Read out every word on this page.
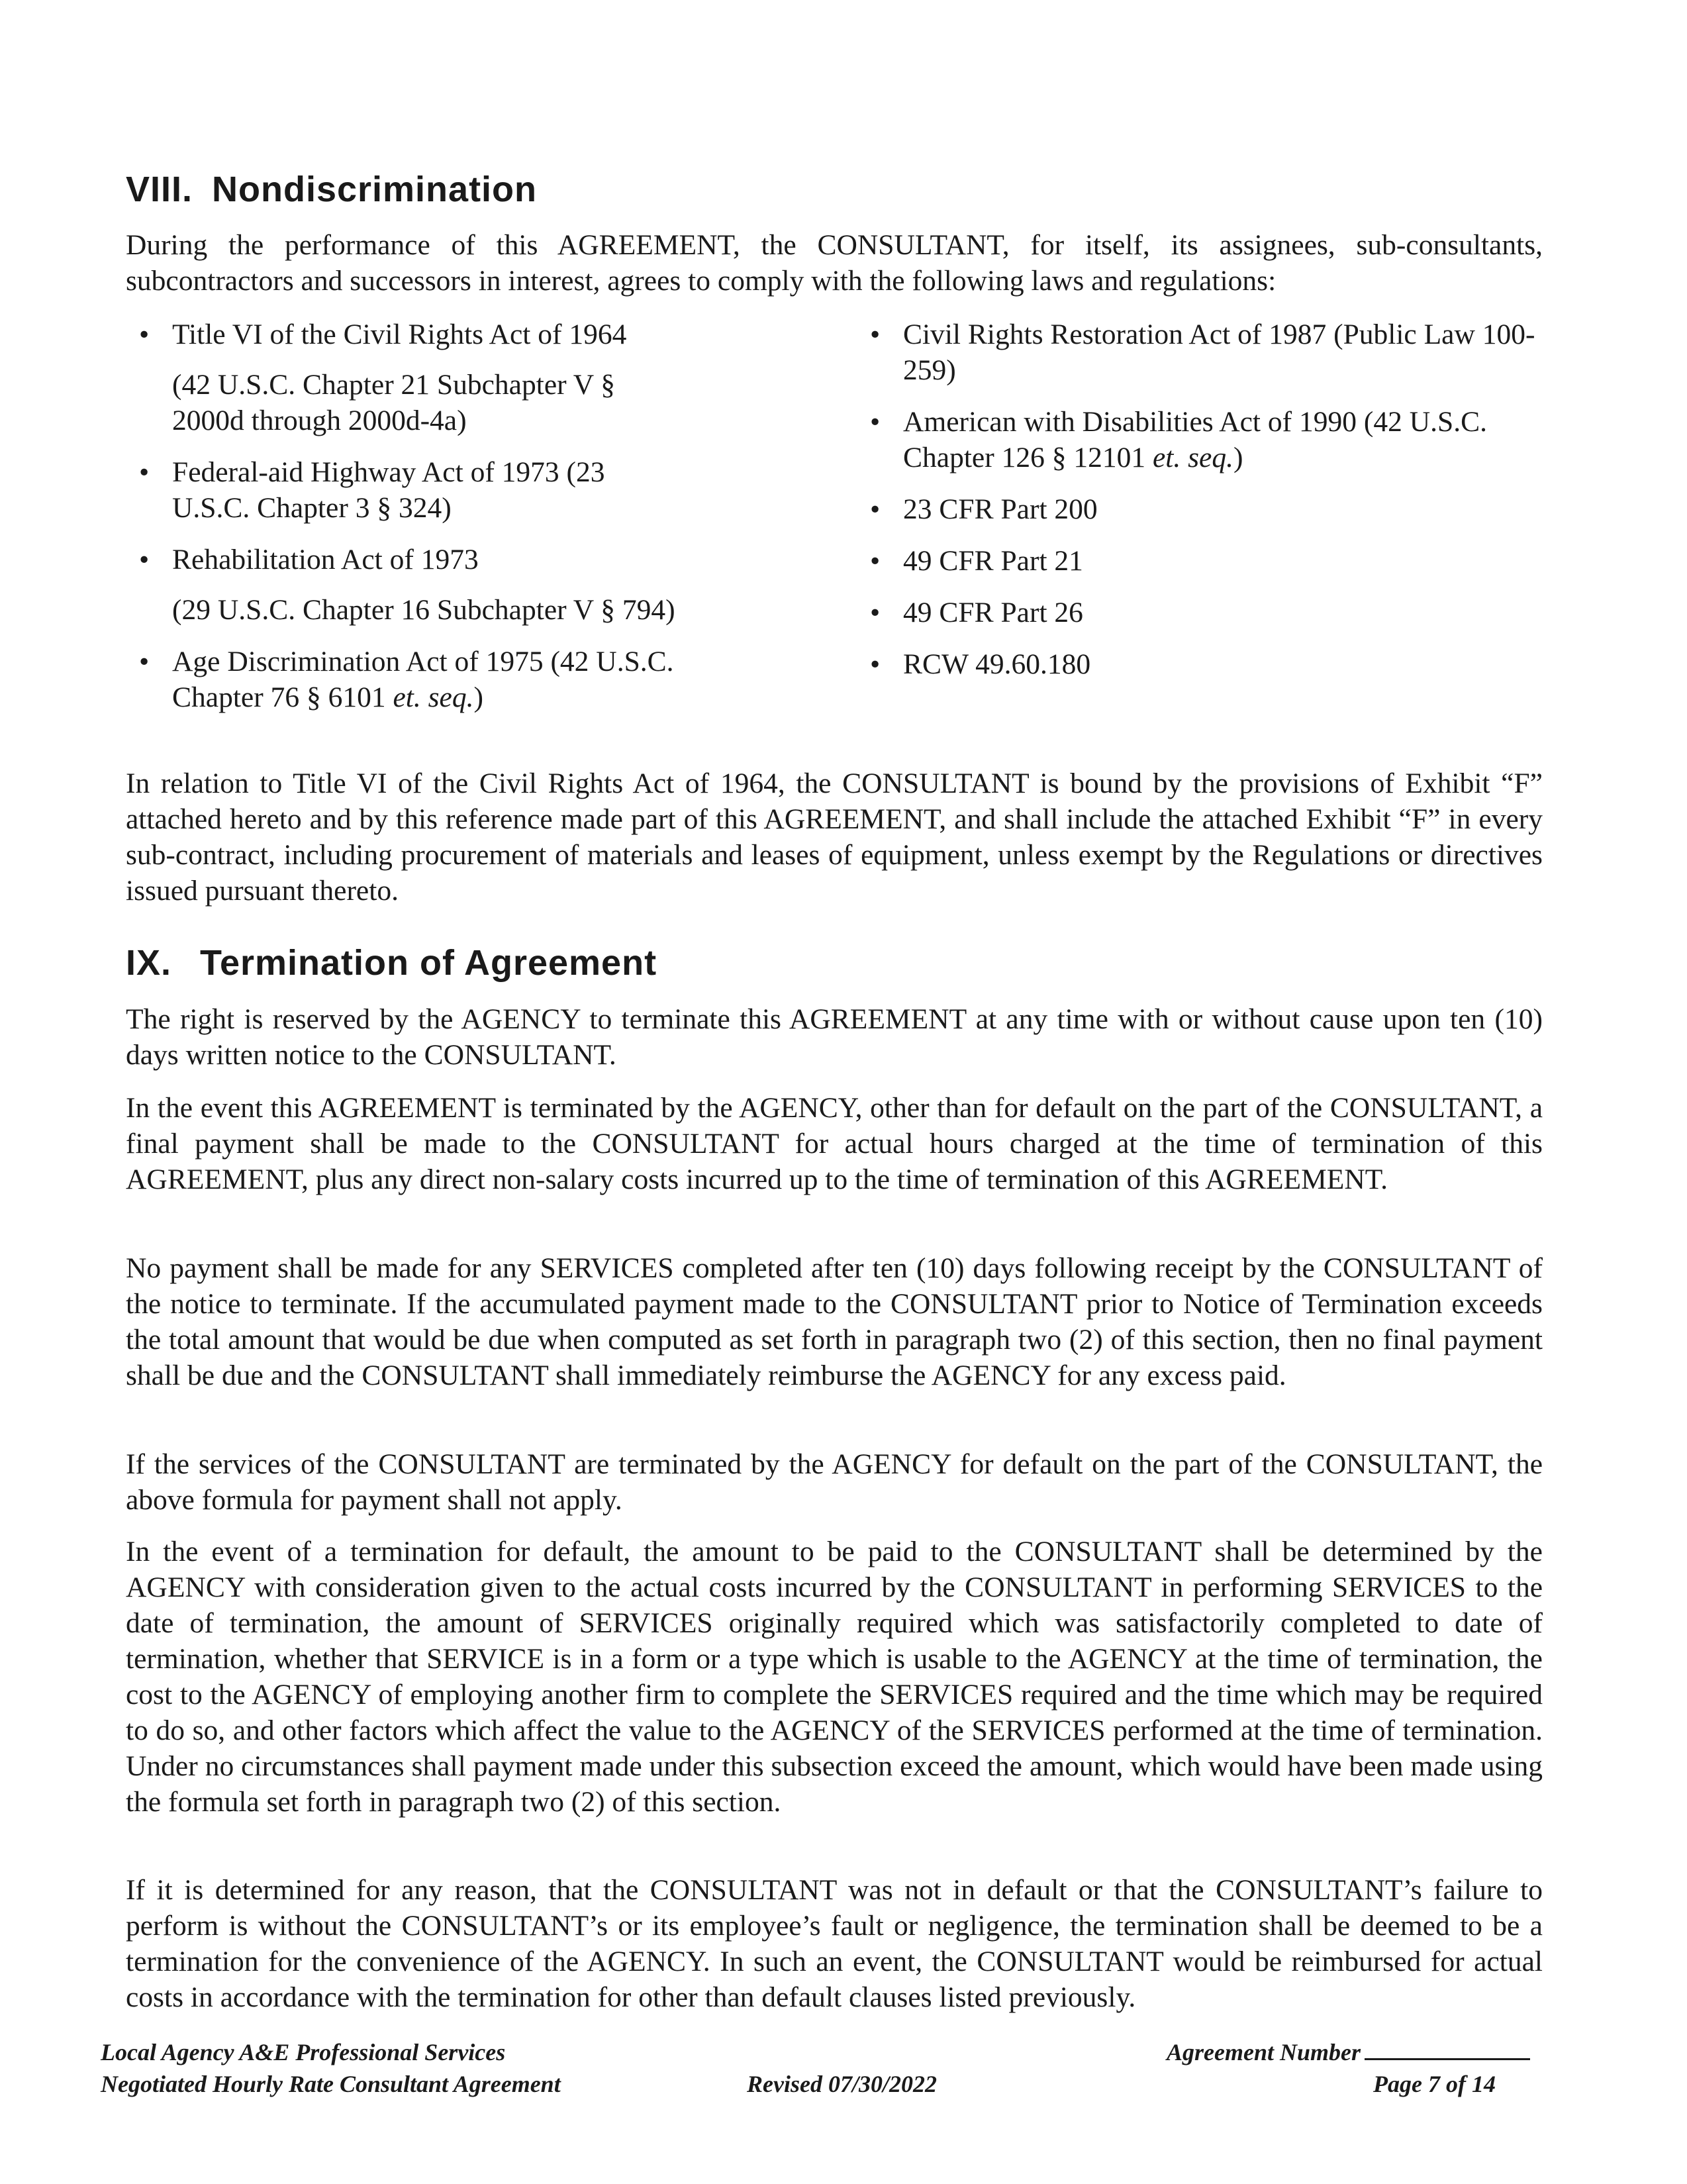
VIII. Nondiscrimination

During the performance of this AGREEMENT, the CONSULTANT, for itself, its assignees, sub-consultants, subcontractors and successors in interest, agrees to comply with the following laws and regulations:

• Title VI of the Civil Rights Act of 1964
(42 U.S.C. Chapter 21 Subchapter V § 2000d through 2000d-4a)
• Federal-aid Highway Act of 1973 (23 U.S.C. Chapter 3 § 324)
• Rehabilitation Act of 1973
(29 U.S.C. Chapter 16 Subchapter V § 794)
• Age Discrimination Act of 1975 (42 U.S.C. Chapter 76 § 6101 et. seq.)
• Civil Rights Restoration Act of 1987 (Public Law 100-259)
• American with Disabilities Act of 1990 (42 U.S.C. Chapter 126 § 12101 et. seq.)
• 23 CFR Part 200
• 49 CFR Part 21
• 49 CFR Part 26
• RCW 49.60.180

In relation to Title VI of the Civil Rights Act of 1964, the CONSULTANT is bound by the provisions of Exhibit “F” attached hereto and by this reference made part of this AGREEMENT, and shall include the attached Exhibit “F” in every sub-contract, including procurement of materials and leases of equipment, unless exempt by the Regulations or directives issued pursuant thereto.

IX. Termination of Agreement

The right is reserved by the AGENCY to terminate this AGREEMENT at any time with or without cause upon ten (10) days written notice to the CONSULTANT.

In the event this AGREEMENT is terminated by the AGENCY, other than for default on the part of the CONSULTANT, a final payment shall be made to the CONSULTANT for actual hours charged at the time of termination of this AGREEMENT, plus any direct non-salary costs incurred up to the time of termination of this AGREEMENT.

No payment shall be made for any SERVICES completed after ten (10) days following receipt by the CONSULTANT of the notice to terminate. If the accumulated payment made to the CONSULTANT prior to Notice of Termination exceeds the total amount that would be due when computed as set forth in paragraph two (2) of this section, then no final payment shall be due and the CONSULTANT shall immediately reimburse the AGENCY for any excess paid.

If the services of the CONSULTANT are terminated by the AGENCY for default on the part of the CONSULTANT, the above formula for payment shall not apply.

In the event of a termination for default, the amount to be paid to the CONSULTANT shall be determined by the AGENCY with consideration given to the actual costs incurred by the CONSULTANT in performing SERVICES to the date of termination, the amount of SERVICES originally required which was satisfactorily completed to date of termination, whether that SERVICE is in a form or a type which is usable to the AGENCY at the time of termination, the cost to the AGENCY of employing another firm to complete the SERVICES required and the time which may be required to do so, and other factors which affect the value to the AGENCY of the SERVICES performed at the time of termination. Under no circumstances shall payment made under this subsection exceed the amount, which would have been made using the formula set forth in paragraph two (2) of this section.

If it is determined for any reason, that the CONSULTANT was not in default or that the CONSULTANT’s failure to perform is without the CONSULTANT’s or its employee’s fault or negligence, the termination shall be deemed to be a termination for the convenience of the AGENCY. In such an event, the CONSULTANT would be reimbursed for actual costs in accordance with the termination for other than default clauses listed previously.

Local Agency A&E Professional Services
Negotiated Hourly Rate Consultant Agreement	Revised 07/30/2022
Agreement Number
Page 7 of 14
